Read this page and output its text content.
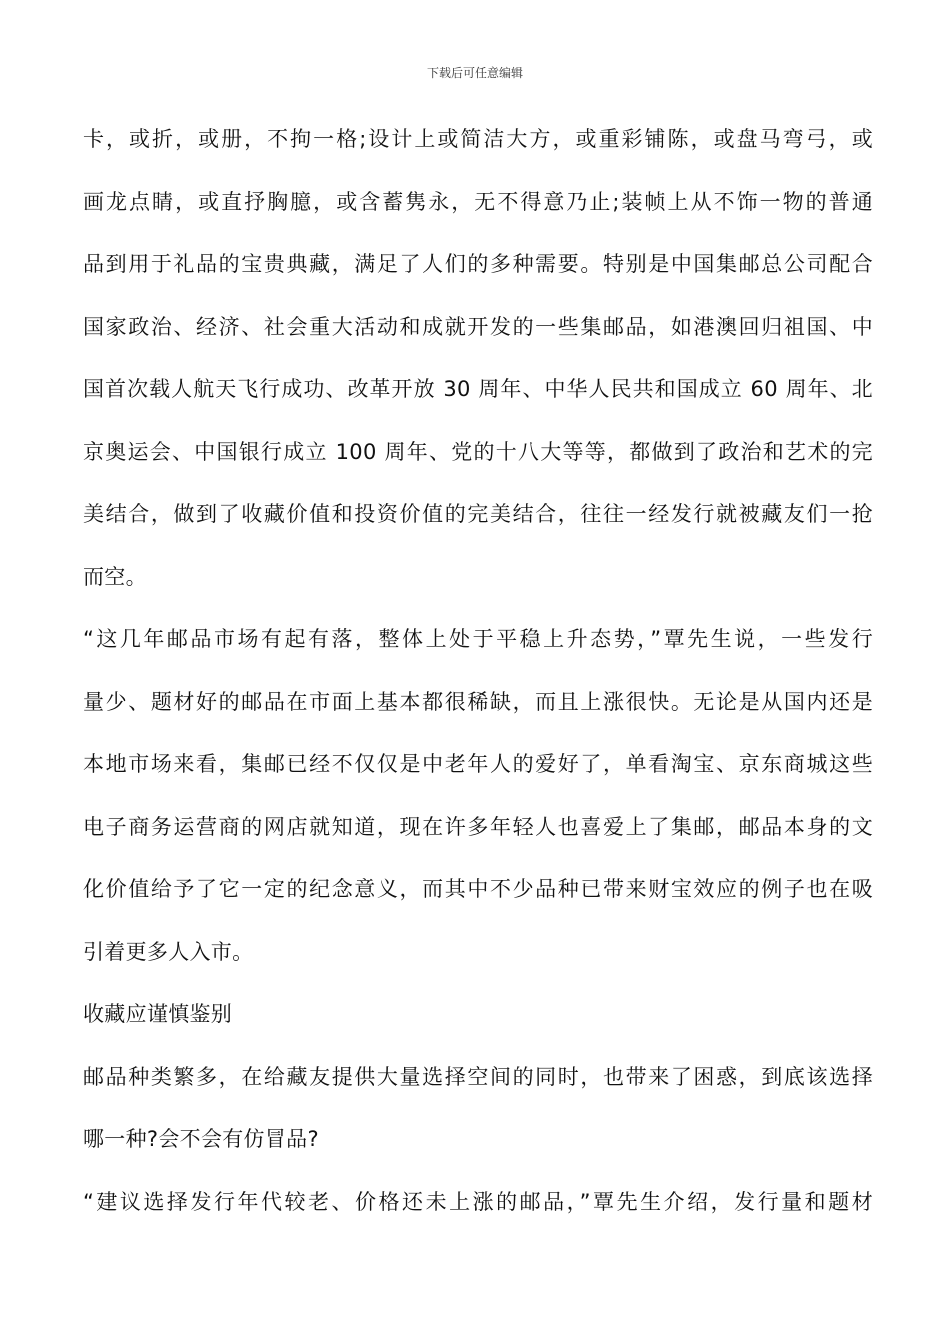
下载后可任意编辑
卡，或折，或册，不拘一格;设计上或简洁大方，或重彩铺陈，或盘马弯弓，或
画龙点睛，或直抒胸臆，或含蓄隽永，无不得意乃止;装帧上从不饰一物的普通
品到用于礼品的宝贵典藏，满足了人们的多种需要。特别是中国集邮总公司配合
国家政治、经济、社会重大活动和成就开发的一些集邮品，如港澳回归祖国、中
国首次载人航天飞行成功、改革开放 30 周年、中华人民共和国成立 60 周年、北
京奥运会、中国银行成立 100 周年、党的十八大等等，都做到了政治和艺术的完
美结合，做到了收藏价值和投资价值的完美结合，往往一经发行就被藏友们一抢
而空。
“这几年邮品市场有起有落，整体上处于平稳上升态势，”覃先生说，一些发行
量少、题材好的邮品在市面上基本都很稀缺，而且上涨很快。无论是从国内还是
本地市场来看，集邮已经不仅仅是中老年人的爱好了，单看淘宝、京东商城这些
电子商务运营商的网店就知道，现在许多年轻人也喜爱上了集邮，邮品本身的文
化价值给予了它一定的纪念意义，而其中不少品种已带来财宝效应的例子也在吸
引着更多人入市。
收藏应谨慎鉴别
邮品种类繁多，在给藏友提供大量选择空间的同时，也带来了困惑，到底该选择
哪一种?会不会有仿冒品?
“建议选择发行年代较老、价格还未上涨的邮品，”覃先生介绍，发行量和题材
